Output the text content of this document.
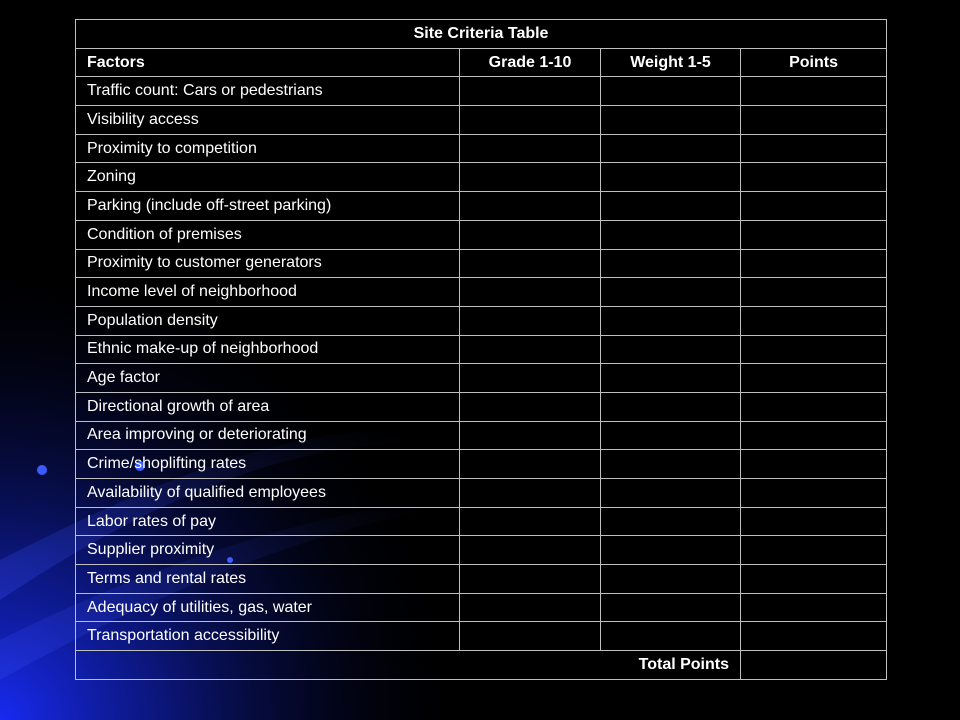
Site Criteria Table			
Factors	Grade 1-10	Weight 1-5	Points
Traffic count: Cars or pedestrians			
Visibility access			
Proximity to competition			
Zoning			
Parking (include off-street parking)			
Condition of premises			
Proximity to customer generators			
Income level of neighborhood			
Population density			
Ethnic make-up of neighborhood			
Age factor			
Directional growth of area			
Area improving or deteriorating			
Crime/shoplifting rates			
Availability of qualified employees			
Labor rates of pay			
Supplier proximity			
Terms and rental rates			
Adequacy of utilities, gas, water			
Transportation accessibility			
Total Points			
